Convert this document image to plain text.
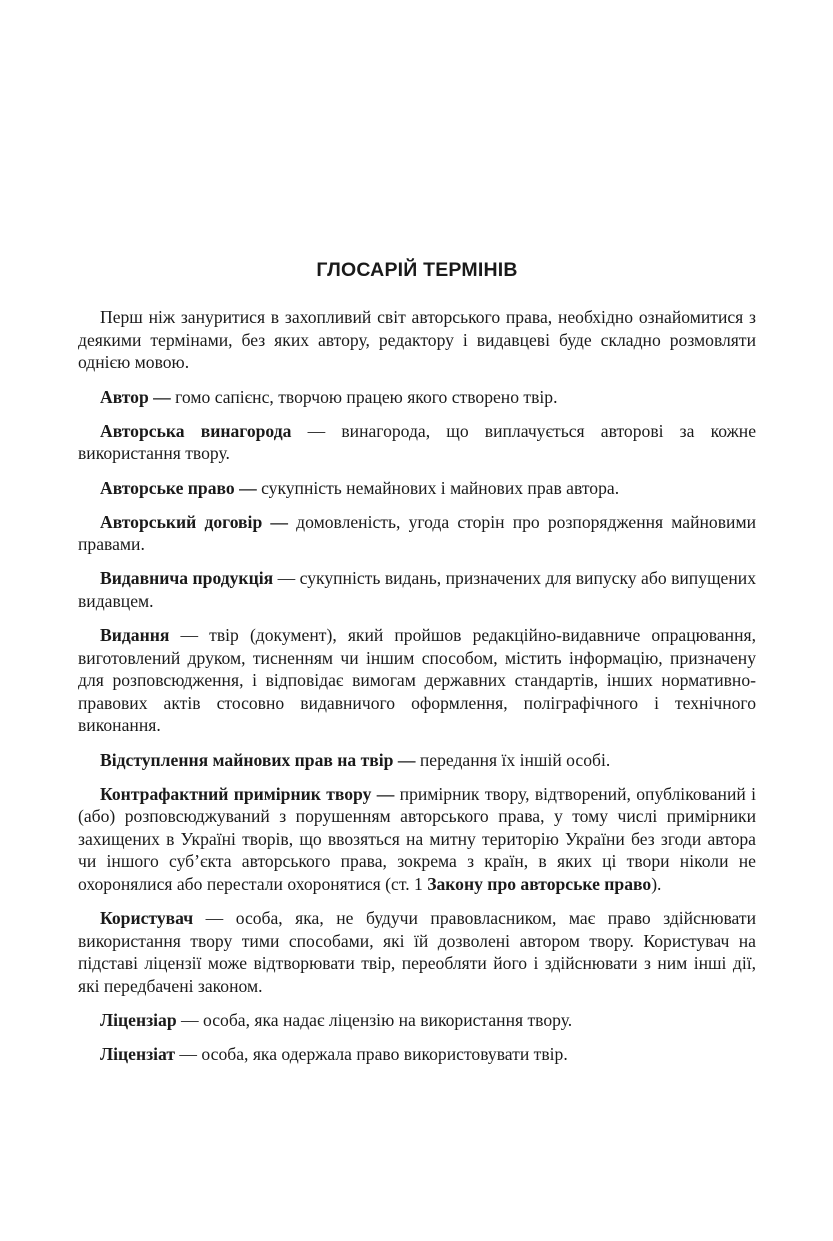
ГЛОСАРІЙ ТЕРМІНІВ

Перш ніж зануритися в захопливий світ авторського права, необхідно ознайомитися з деякими термінами, без яких автору, редактору і видавцеві буде складно розмовляти однією мовою.

Автор — гомо сапієнс, творчою працею якого створено твір.

Авторська винагорода — винагорода, що виплачується авторові за кожне використання твору.

Авторське право — сукупність немайнових і майнових прав автора.

Авторський договір — домовленість, угода сторін про розпорядження майновими правами.

Видавнича продукція — сукупність видань, призначених для випуску або випущених видавцем.

Видання — твір (документ), який пройшов редакційно-видавниче опрацювання, виготовлений друком, тисненням чи іншим способом, містить інформацію, призначену для розповсюдження, і відповідає вимогам державних стандартів, інших нормативно-правових актів стосовно видавничого оформлення, поліграфічного і технічного виконання.

Відступлення майнових прав на твір — передання їх іншій особі.

Контрафактний примірник твору — примірник твору, відтворений, опублікований і (або) розповсюджуваний з порушенням авторського права, у тому числі примірники захищених в Україні творів, що ввозяться на митну територію України без згоди автора чи іншого суб’єкта авторського права, зокрема з країн, в яких ці твори ніколи не охоронялися або перестали охоронятися (ст. 1 Закону про авторське право).

Користувач — особа, яка, не будучи правовласником, має право здійснювати використання твору тими способами, які їй дозволені автором твору. Користувач на підставі ліцензії може відтворювати твір, переобляти його і здійснювати з ним інші дії, які передбачені законом.

Ліцензіар — особа, яка надає ліцензію на використання твору.

Ліцензіат — особа, яка одержала право використовувати твір.
